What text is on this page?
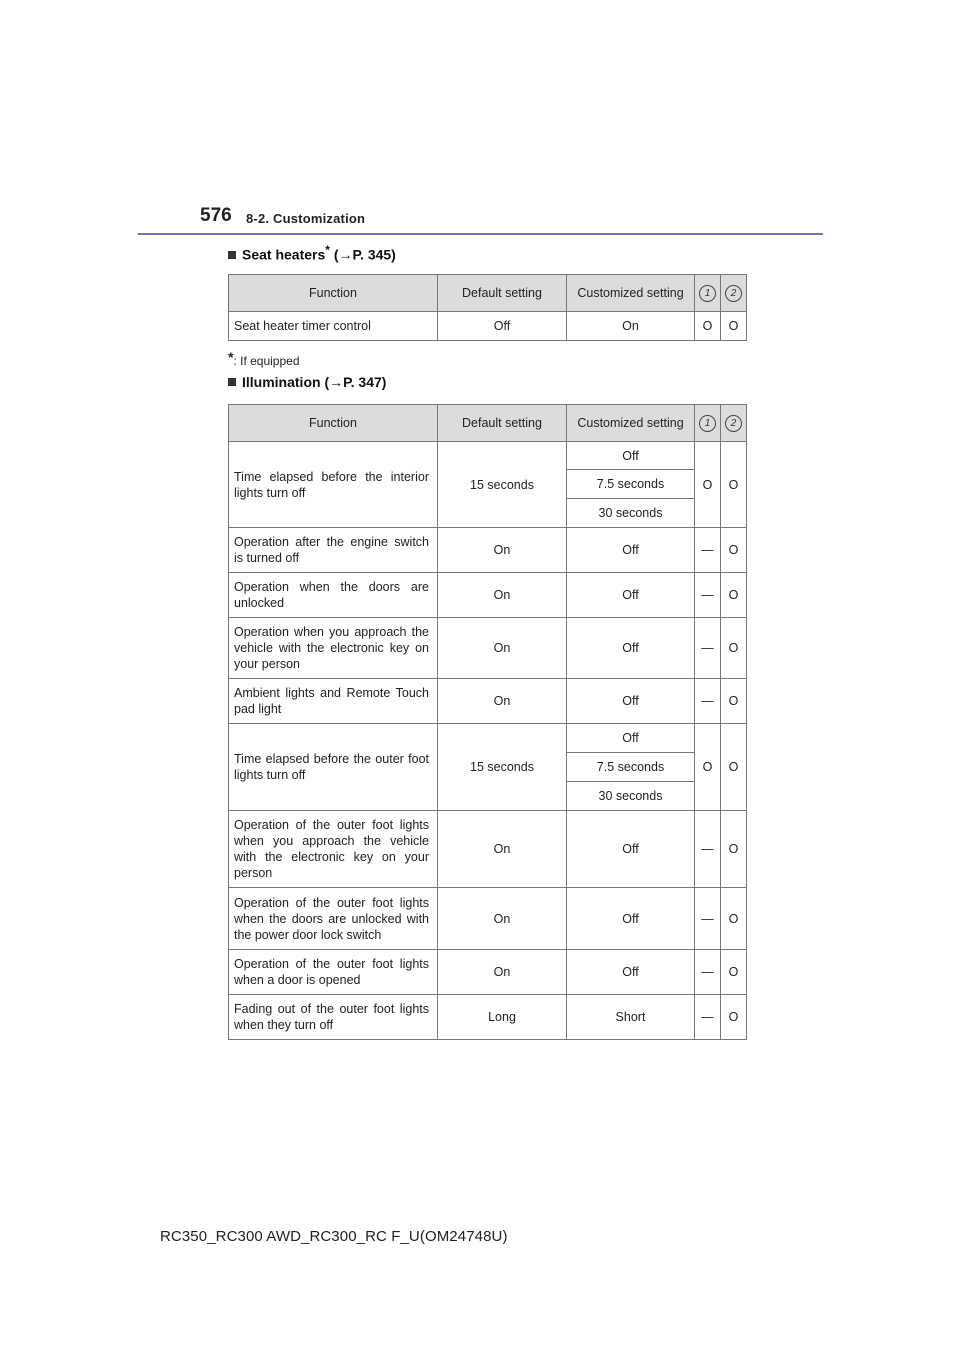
576 8-2. Customization
Seat heaters* (→P. 345)
Function	Default setting	Customized setting	1	2
Seat heater timer control	Off	On	O	O
*: If equipped
Illumination (→P. 347)
Function	Default setting	Customized setting	1	2
Time elapsed before the interior lights turn off	15 seconds	Off	O	O
		7.5 seconds		
		30 seconds		
Operation after the engine switch is turned off	On	Off	—	O
Operation when the doors are unlocked	On	Off	—	O
Operation when you approach the vehicle with the electronic key on your person	On	Off	—	O
Ambient lights and Remote Touch pad light	On	Off	—	O
Time elapsed before the outer foot lights turn off	15 seconds	Off	O	O
		7.5 seconds		
		30 seconds		
Operation of the outer foot lights when you approach the vehicle with the electronic key on your person	On	Off	—	O
Operation of the outer foot lights when the doors are unlocked with the power door lock switch	On	Off	—	O
Operation of the outer foot lights when a door is opened	On	Off	—	O
Fading out of the outer foot lights when they turn off	Long	Short	—	O
RC350_RC300 AWD_RC300_RC F_U(OM24748U)
